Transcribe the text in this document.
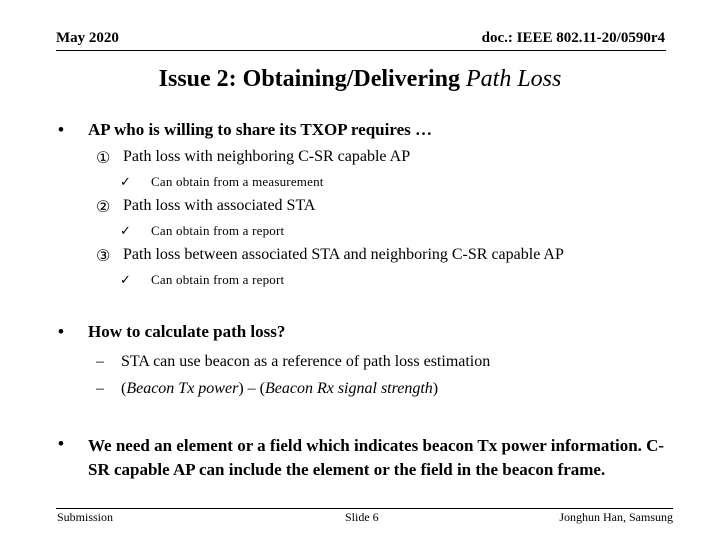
May 2020	doc.: IEEE 802.11-20/0590r4
Issue 2: Obtaining/Delivering Path Loss
• AP who is willing to share its TXOP requires …
① Path loss with neighboring C-SR capable AP
✓ Can obtain from a measurement
② Path loss with associated STA
✓ Can obtain from a report
③ Path loss between associated STA and neighboring C-SR capable AP
✓ Can obtain from a report
• How to calculate path loss?
– STA can use beacon as a reference of path loss estimation
– (Beacon Tx power) – (Beacon Rx signal strength)
• We need an element or a field which indicates beacon Tx power information. C-SR capable AP can include the element or the field in the beacon frame.
Submission	Slide 6	Jonghun Han, Samsung
